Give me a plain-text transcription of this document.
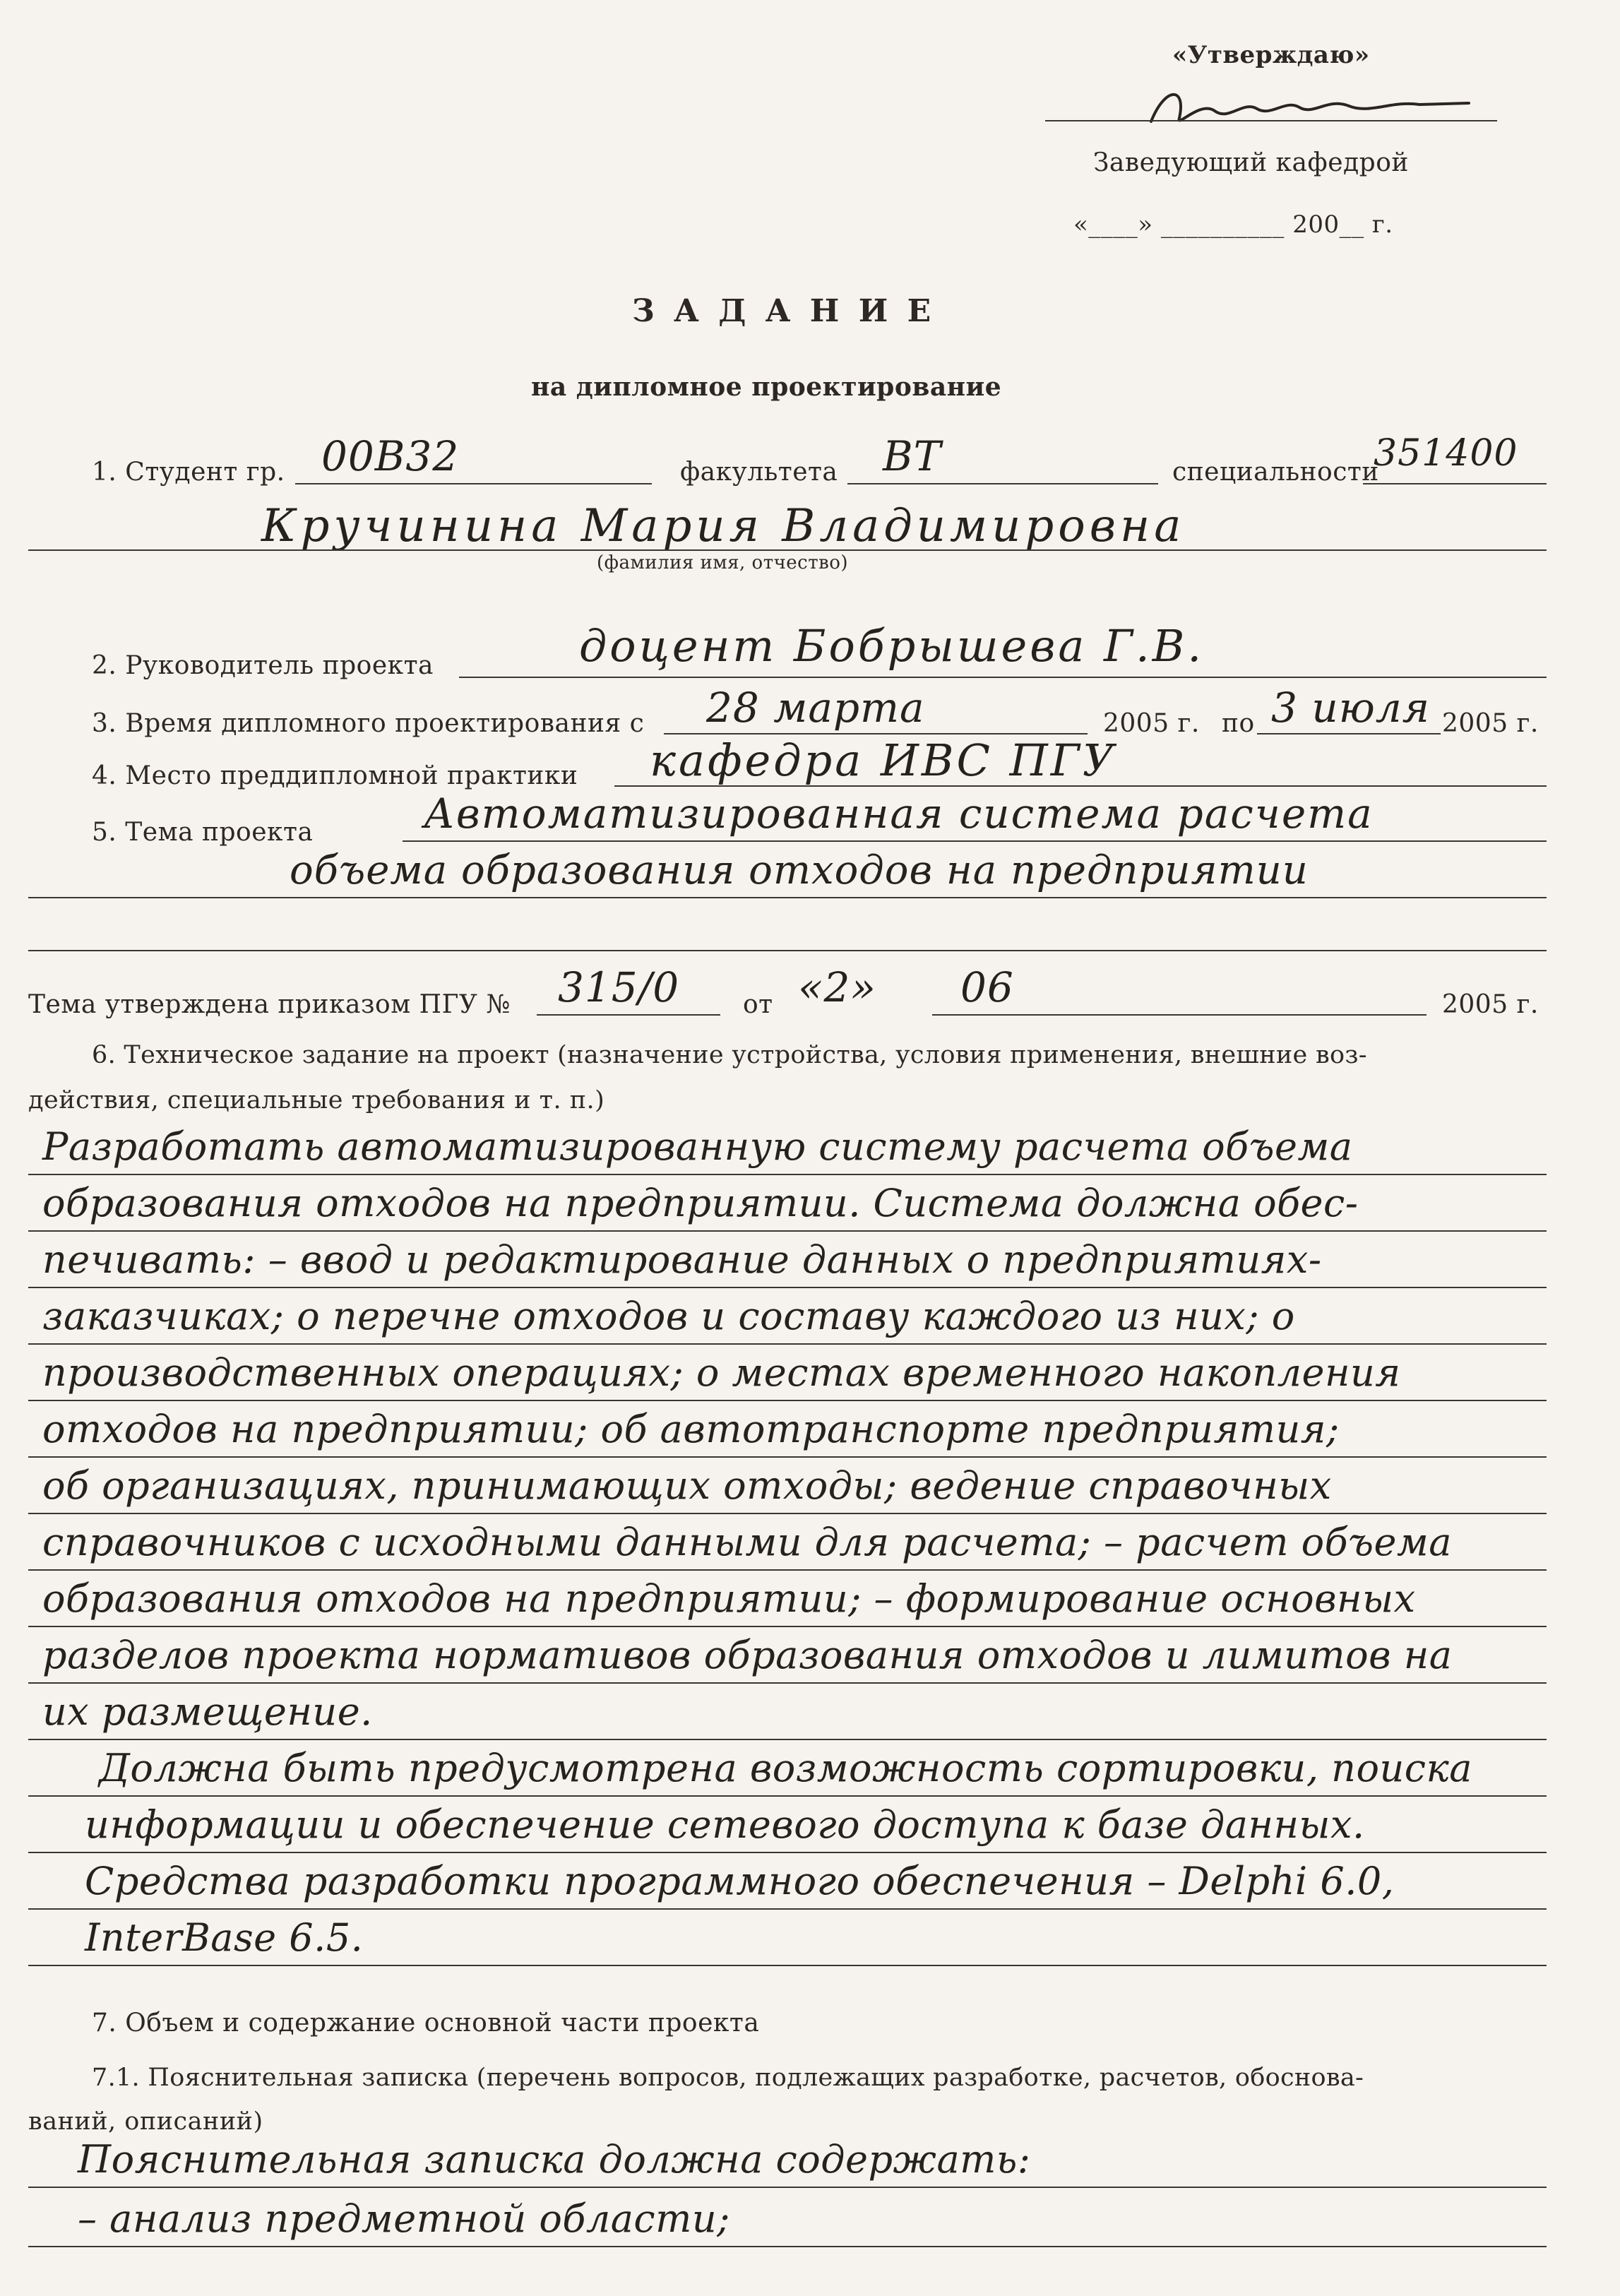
«Утверждаю»
Заведующий кафедрой
«____» __________ 200__ г.
З А Д А Н И Е
на дипломное проектирование
1. Студент гр. 00В32	факультета ВТ	специальности
351400
Кручинина Мария Владимировна
(фамилия имя, отчество)
2. Руководитель проекта	доцент Бобрышева Г.В.
3. Время дипломного проектирования с 28 марта	2005 г. по 3 июля 2005 г.
4. Место преддипломной практики кафедра ИВС ПГУ
5. Тема проекта	Автоматизированная система расчета
объема образования отходов на предприятии
Тема утверждена приказом ПГУ № 315/0 от «2» 06	2005 г.
6. Техническое задание на проект (назначение устройства, условия применения, внешние воз-
действия, специальные требования и т. п.)
Разработать автоматизированную систему расчета объема
образования отходов на предприятии. Система должна обес-
печивать: – ввод и редактирование данных о предприятиях-
заказчиках; о перечне отходов и составу каждого из них; о
производственных операциях; о местах временного накопления
отходов на предприятии; об автотранспорте предприятия;
об организациях, принимающих отходы; ведение справочных
справочников с исходными данными для расчета; – расчет объема
образования отходов на предприятии; – формирование основных
разделов проекта нормативов образования отходов и лимитов на
их размещение.
Должна быть предусмотрена возможность сортировки, поиска
информации и обеспечение сетевого доступа к базе данных.
Средства разработки программного обеспечения – Delphi 6.0,
InterBase 6.5.
7. Объем и содержание основной части проекта
7.1. Пояснительная записка (перечень вопросов, подлежащих разработке, расчетов, обоснова-
ваний, описаний)
Пояснительная записка должна содержать:
– анализ предметной области;
